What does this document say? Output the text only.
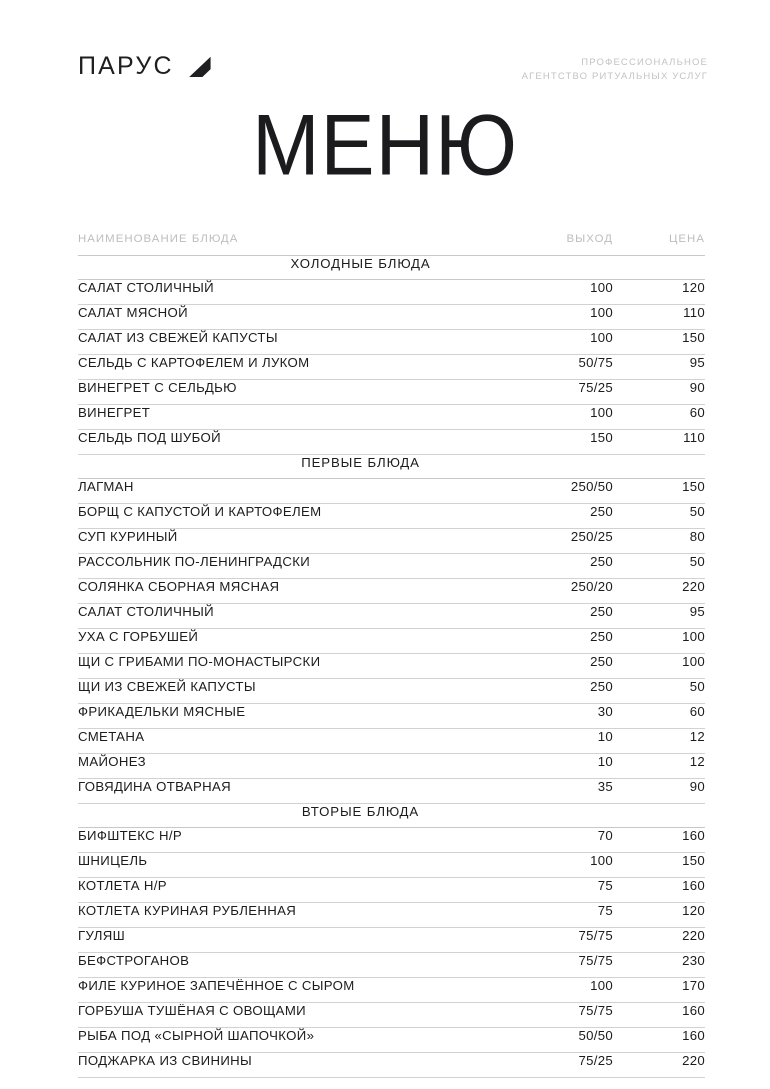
ПАРУС	ПРОФЕССИОНАЛЬНОЕ
АГЕНТСТВО РИТУАЛЬНЫХ УСЛУГ
МЕНЮ
НАИМЕНОВАНИЕ БЛЮДА	ВЫХОД	ЦЕНА
ХОЛОДНЫЕ БЛЮДА
САЛАТ СТОЛИЧНЫЙ	100	120
САЛАТ МЯСНОЙ	100	110
САЛАТ ИЗ СВЕЖЕЙ КАПУСТЫ	100	150
СЕЛЬДЬ С КАРТОФЕЛЕМ И ЛУКОМ	50/75	95
ВИНЕГРЕТ С СЕЛЬДЬЮ	75/25	90
ВИНЕГРЕТ	100	60
СЕЛЬДЬ ПОД ШУБОЙ	150	110
ПЕРВЫЕ БЛЮДА
ЛАГМАН	250/50	150
БОРЩ С КАПУСТОЙ И КАРТОФЕЛЕМ	250	50
СУП КУРИНЫЙ	250/25	80
РАССОЛЬНИК ПО-ЛЕНИНГРАДСКИ	250	50
СОЛЯНКА СБОРНАЯ МЯСНАЯ	250/20	220
САЛАТ СТОЛИЧНЫЙ	250	95
УХА С ГОРБУШЕЙ	250	100
ЩИ С ГРИБАМИ ПО-МОНАСТЫРСКИ	250	100
ЩИ ИЗ СВЕЖЕЙ КАПУСТЫ	250	50
ФРИКАДЕЛЬКИ МЯСНЫЕ	30	60
СМЕТАНА	10	12
МАЙОНЕЗ	10	12
ГОВЯДИНА ОТВАРНАЯ	35	90
ВТОРЫЕ БЛЮДА
БИФШТЕКС Н/Р	70	160
ШНИЦЕЛЬ	100	150
КОТЛЕТА Н/Р	75	160
КОТЛЕТА КУРИНАЯ РУБЛЕННАЯ	75	120
ГУЛЯШ	75/75	220
БЕФСТРОГАНОВ	75/75	230
ФИЛЕ КУРИНОЕ ЗАПЕЧЁННОЕ С СЫРОМ	100	170
ГОРБУША ТУШЁНАЯ С ОВОЩАМИ	75/75	160
РЫБА ПОД «СЫРНОЙ ШАПОЧКОЙ»	50/50	160
ПОДЖАРКА ИЗ СВИНИНЫ	75/25	220
